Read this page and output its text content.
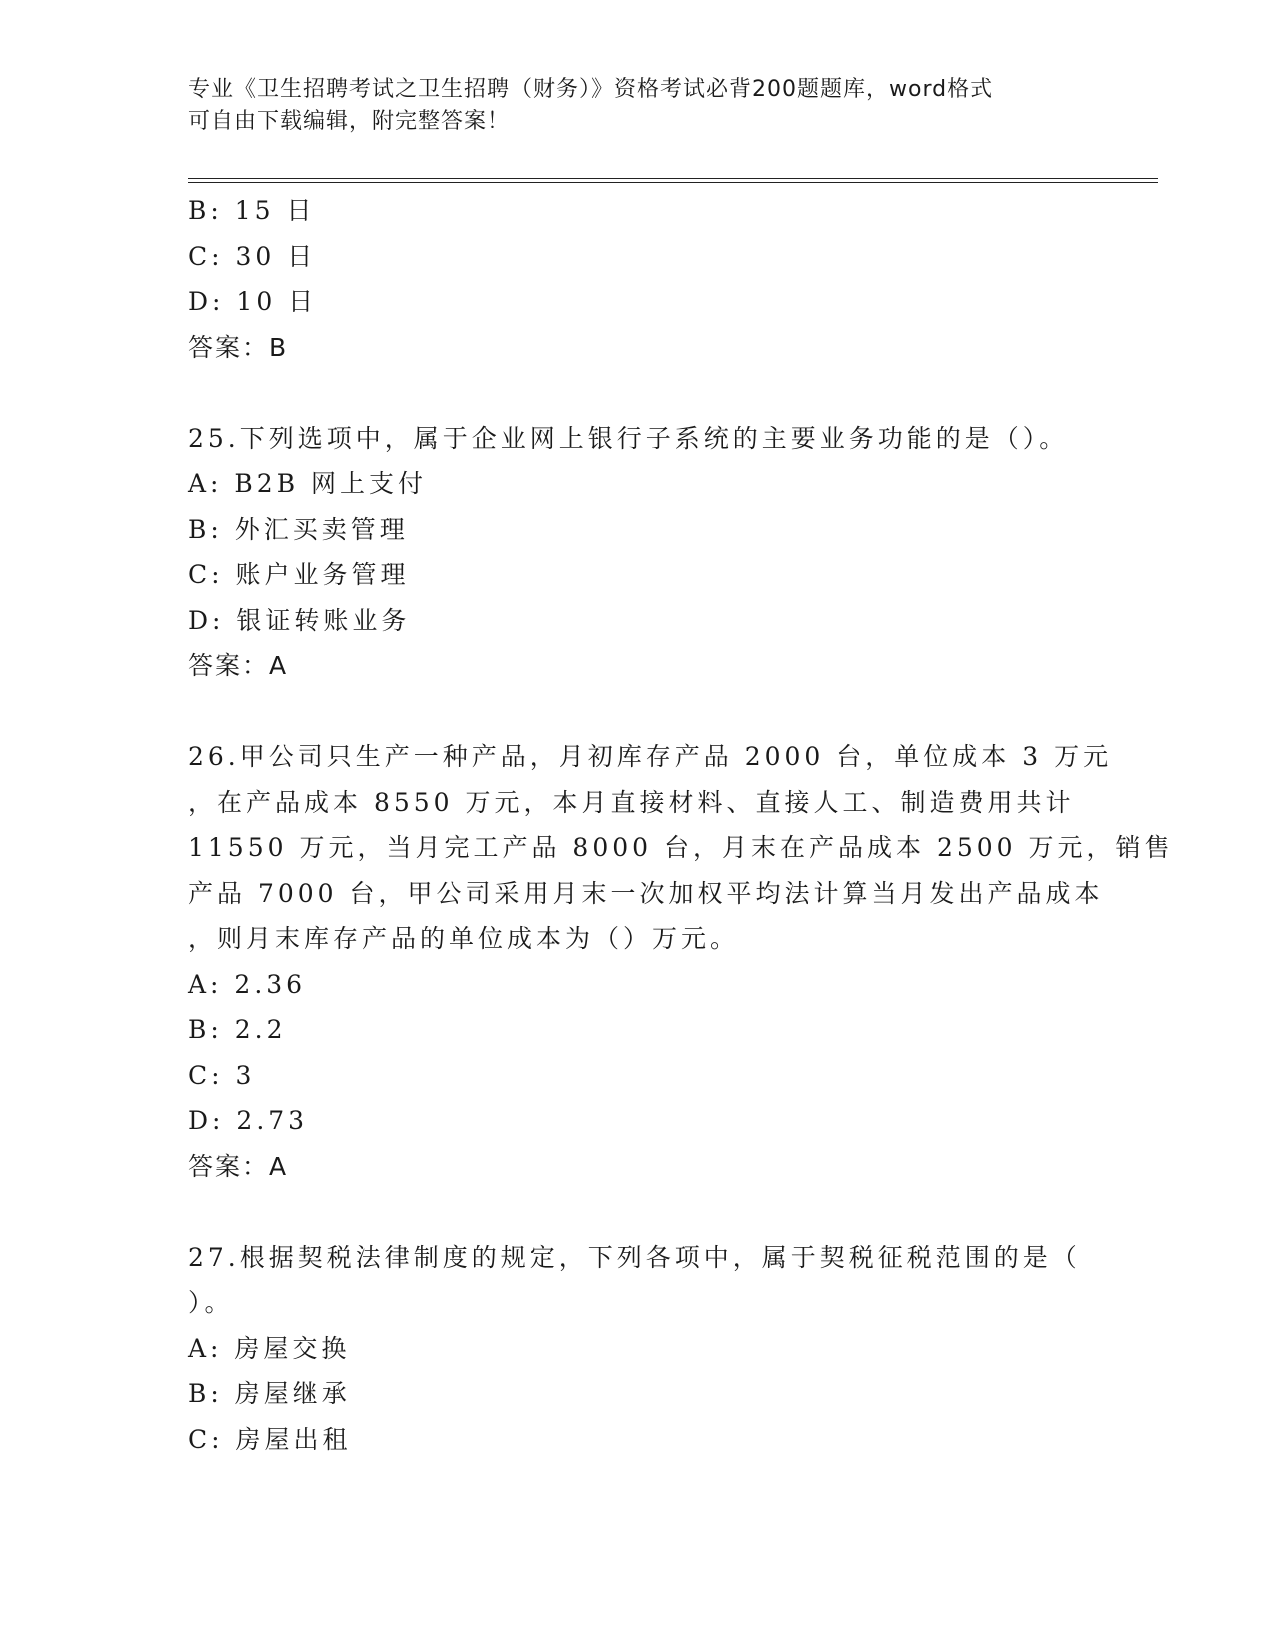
专业《卫生招聘考试之卫生招聘（财务）》资格考试必背200题题库，word格式
可自由下载编辑，附完整答案！
B: 15 日
C: 30 日
D: 10 日
答案：B
25.下列选项中，属于企业网上银行子系统的主要业务功能的是（）。
A: B2B 网上支付
B: 外汇买卖管理
C: 账户业务管理
D: 银证转账业务
答案：A
26.甲公司只生产一种产品，月初库存产品 2000 台，单位成本 3 万元
，在产品成本 8550 万元，本月直接材料、直接人工、制造费用共计
11550 万元，当月完工产品 8000 台，月末在产品成本 2500 万元，销售
产品 7000 台，甲公司采用月末一次加权平均法计算当月发出产品成本
，则月末库存产品的单位成本为（）万元。
A: 2.36
B: 2.2
C: 3
D: 2.73
答案：A
27.根据契税法律制度的规定，下列各项中，属于契税征税范围的是（
）。
A: 房屋交换
B: 房屋继承
C: 房屋出租
